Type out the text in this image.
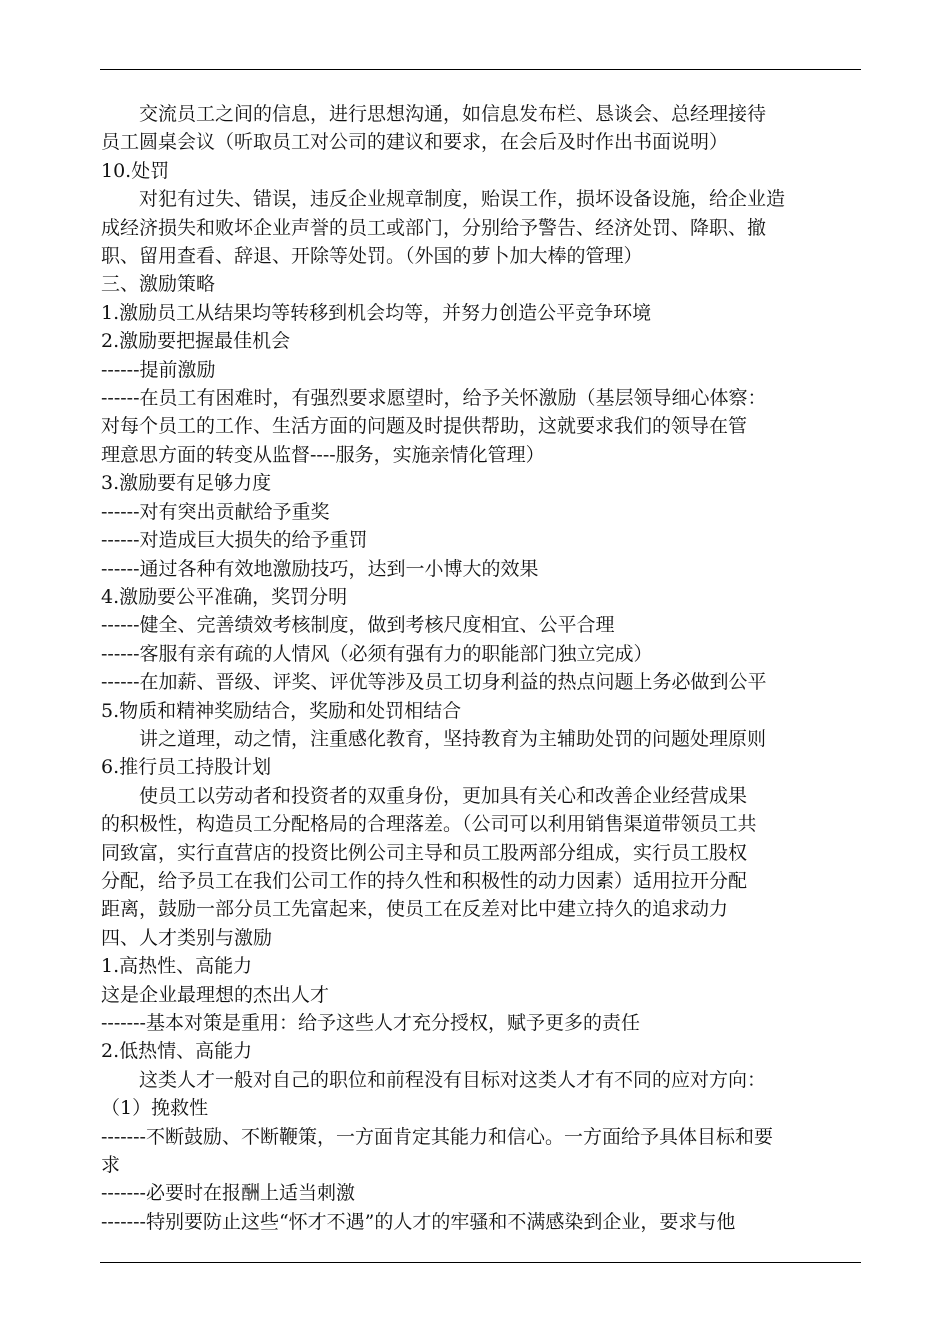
交流员工之间的信息，进行思想沟通，如信息发布栏、恳谈会、总经理接待
员工圆桌会议（听取员工对公司的建议和要求，在会后及时作出书面说明）
10.处罚
对犯有过失、错误，违反企业规章制度，贻误工作，损坏设备设施，给企业造
成经济损失和败坏企业声誉的员工或部门，分别给予警告、经济处罚、降职、撤
职、留用查看、辞退、开除等处罚。（外国的萝卜加大棒的管理）
三、激励策略
1.激励员工从结果均等转移到机会均等，并努力创造公平竞争环境
2.激励要把握最佳机会
------提前激励
------在员工有困难时，有强烈要求愿望时，给予关怀激励（基层领导细心体察：
对每个员工的工作、生活方面的问题及时提供帮助，这就要求我们的领导在管
理意思方面的转变从监督----服务，实施亲情化管理）
3.激励要有足够力度
------对有突出贡献给予重奖
------对造成巨大损失的给予重罚
------通过各种有效地激励技巧，达到一小博大的效果
4.激励要公平准确，奖罚分明
------健全、完善绩效考核制度，做到考核尺度相宜、公平合理
------客服有亲有疏的人情风（必须有强有力的职能部门独立完成）
------在加薪、晋级、评奖、评优等涉及员工切身利益的热点问题上务必做到公平
5.物质和精神奖励结合，奖励和处罚相结合
讲之道理，动之情，注重感化教育，坚持教育为主辅助处罚的问题处理原则
6.推行员工持股计划
使员工以劳动者和投资者的双重身份，更加具有关心和改善企业经营成果
的积极性，构造员工分配格局的合理落差。（公司可以利用销售渠道带领员工共
同致富，实行直营店的投资比例公司主导和员工股两部分组成，实行员工股权
分配，给予员工在我们公司工作的持久性和积极性的动力因素）适用拉开分配
距离，鼓励一部分员工先富起来，使员工在反差对比中建立持久的追求动力
四、人才类别与激励
1.高热性、高能力
这是企业最理想的杰出人才
-------基本对策是重用：给予这些人才充分授权，赋予更多的责任
2.低热情、高能力
这类人才一般对自己的职位和前程没有目标对这类人才有不同的应对方向：
（1）挽救性
-------不断鼓励、不断鞭策，一方面肯定其能力和信心。一方面给予具体目标和要
求
-------必要时在报酬上适当刺激
-------特别要防止这些“怀才不遇”的人才的牢骚和不满感染到企业，要求与他
